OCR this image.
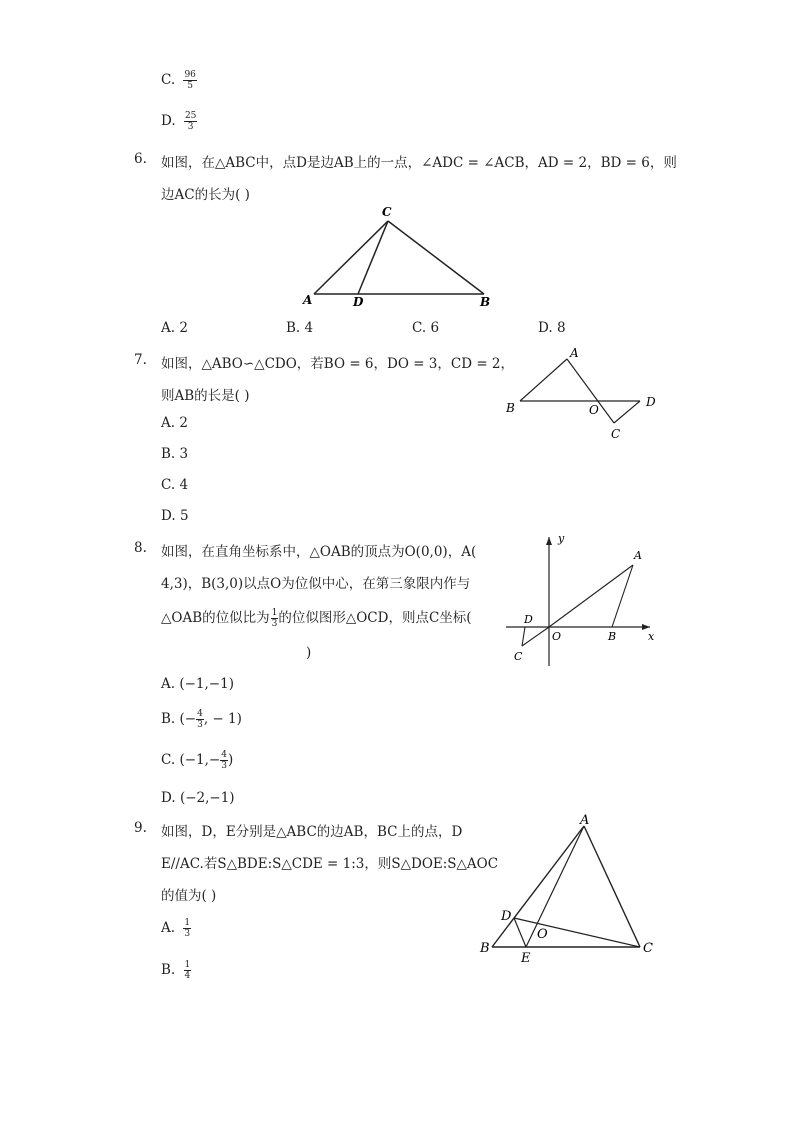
C. $\frac{96}{5}$
D. $\frac{25}{3}$
6. 如图，在△ABC中，点D是边AB上的一点，∠ADC = ∠ACB，AD = 2，BD = 6，则
边AC的长为( )
C
A	D	B
A. 2	B. 4	C. 6	D. 8
7. 如图，△ABO∽△CDO，若BO = 6，DO = 3，CD = 2，
则AB的长是( )
A
B	O
D
C
A. 2
B. 3
C. 4
D. 5
8. 如图，在直角坐标系中，△OAB的顶点为O(0,0)，A(
4,3)，B(3,0)以点O为位似中心，在第三象限内作与
△OAB的位似比为 $\frac{1}{3}$ 的位似图形△OCD，则点C坐标(
)
y
x
A
B
O
D
C
A. (−1,−1)
B. (− $\frac{4}{3}$ , − 1)
C. ($-1,- \frac{4}{3}$ )
D. (−2,−1)
9. 如图，D，E分别是△ABC的边AB，BC上的点，D
E//AC.若S△BDE:S△CDE = 1:3，则S△DOE:S△AOC
的值为( )
A
B	C
D
E
O
A. $\frac{1}{3}$
B. $\frac{1}{4}$
